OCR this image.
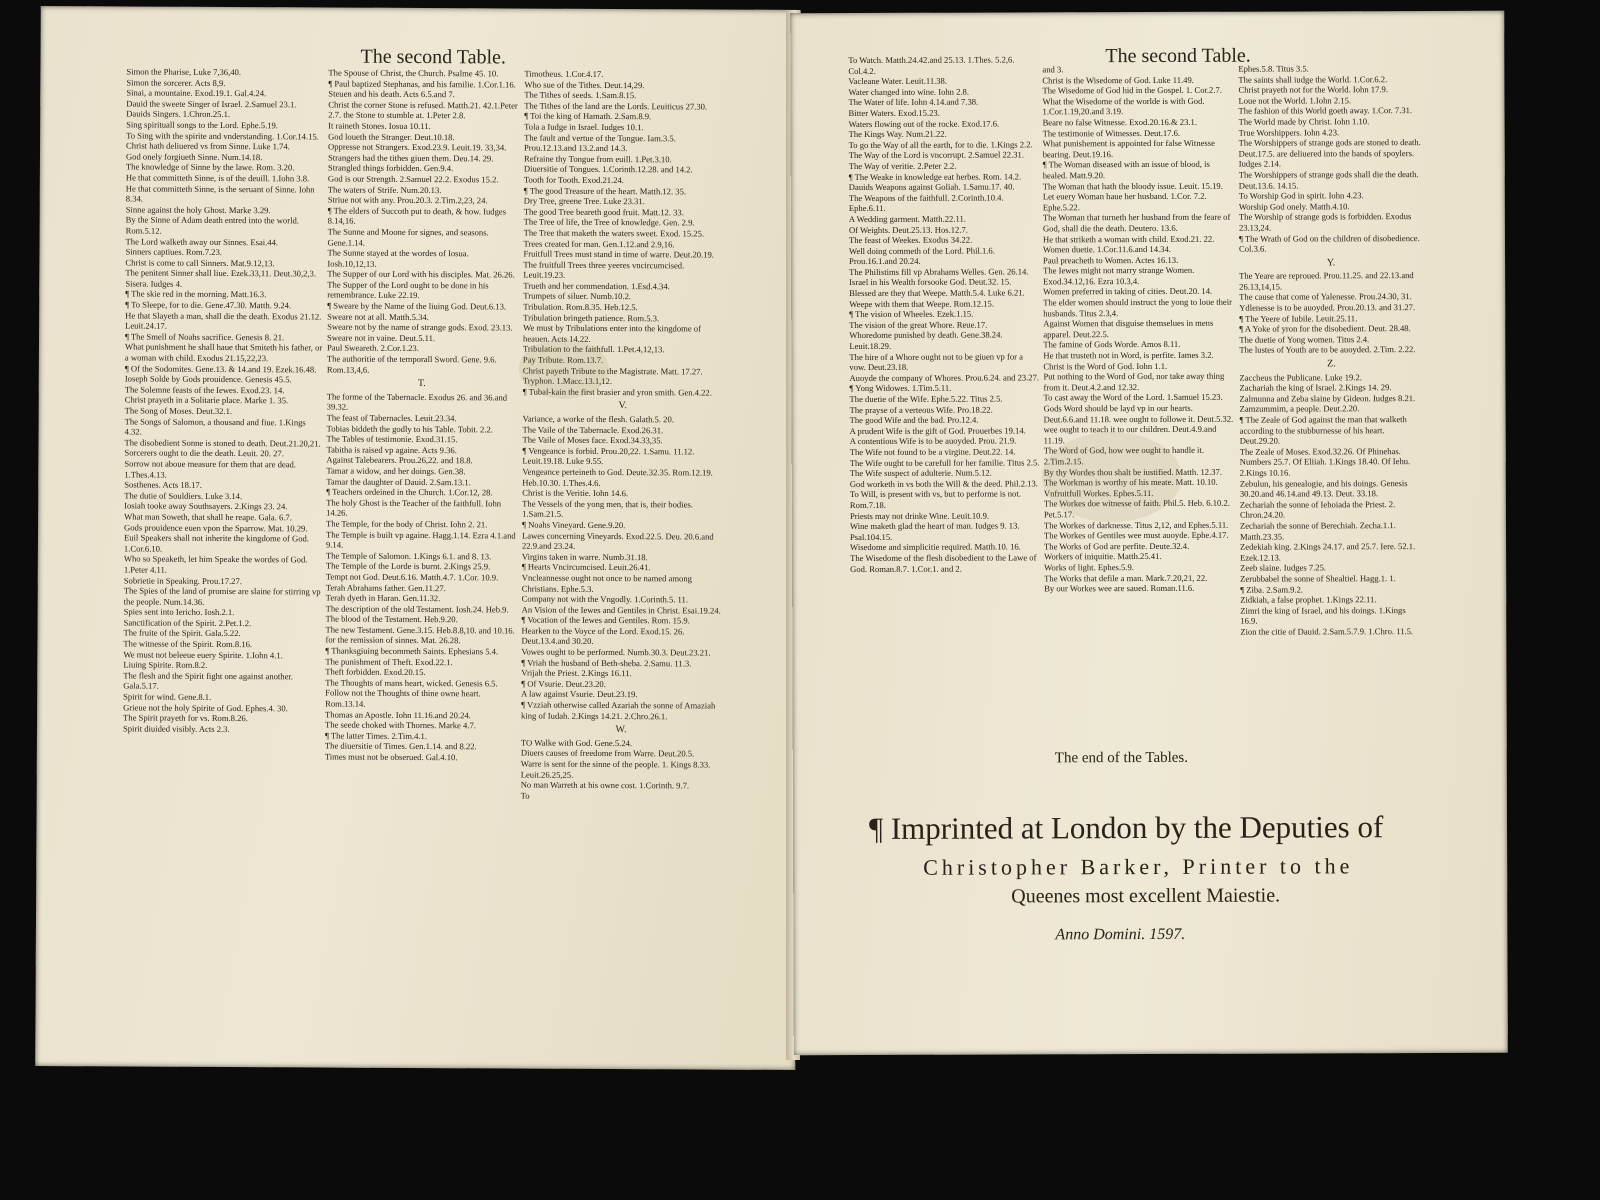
The second Table.
Simon the Pharise, Luke 7,36,40.
Simon the sorcerer. Acts 8,9.
Sinai, a mountaine. Exod.19.1. Gal.4.24.
Dauid the sweete Singer of Israel. 2.Samuel 23.1.
Dauids Singers. 1.Chron.25.1.
Sing spirituall songs to the Lord. Ephe.5.19.
To Sing with the spirite and vnderstanding. 1.Cor.14.15.
Christ hath deliuered vs from Sinne. Luke 1.74.
God onely forgiueth Sinne. Num.14.18.
The knowledge of Sinne by the lawe. Rom. 3.20.
He that committeth Sinne, is of the deuill. 1.Iohn 3.8.
He that committeth Sinne, is the seruant of Sinne. Iohn 8.34.
Sinne against the holy Ghost. Marke 3.29.
By the Sinne of Adam death entred into the world. Rom.5.12.
The Lord walketh away our Sinnes. Esai.44.
Sinners captiues. Rom.7.23.
Christ is come to call Sinners. Mat.9.12,13.
The penitent Sinner shall liue. Ezek.33,11. Deut.30,2,3.
Sisera. Iudges 4.
¶ The skie red in the morning. Matt.16.3.
¶ To Sleepe, for to die. Gene.47.30. Matth. 9.24.
He that Slayeth a man, shall die the death. Exodus 21.12. Leuit.24.17.
¶ The Smell of Noahs sacrifice. Genesis 8. 21.
What punishment he shall haue that Smiteth his father, or a woman with child. Exodus 21.15,22,23.
¶ Of the Sodomites. Gene.13. & 14.and 19. Ezek.16.48.
Ioseph Solde by Gods prouidence. Genesis 45.5.
The Solemne feasts of the Iewes. Exod.23. 14.
Christ prayeth in a Solitarie place. Marke 1. 35.
The Song of Moses. Deut.32.1.
The Songs of Salomon, a thousand and fiue. 1.Kings 4.32.
The disobedient Sonne is stoned to death. Deut.21.20,21.
Sorcerers ought to die the death. Leuit. 20. 27.
Sorrow not aboue measure for them that are dead. 1.Thes.4.13.
Sosthenes. Acts 18.17.
The dutie of Souldiers. Luke 3.14.
Iosiah tooke away Southsayers. 2.Kings 23. 24.
What man Soweth, that shall he reape. Gala. 6.7.
Gods prouidence euen vpon the Sparrow. Mat. 10.29.
Euil Speakers shall not inherite the kingdome of God. 1.Cor.6.10.
Who so Speaketh, let him Speake the wordes of God. 1.Peter 4.11.
Sobrietie in Speaking. Prou.17.27.
The Spies of the land of promise are slaine for stirring vp the people. Num.14.36.
Spies sent into Iericho. Iosh.2.1.
Sanctification of the Spirit. 2.Pet.1.2.
The fruite of the Spirit. Gala.5.22.
The witnesse of the Spirit. Rom.8.16.
We must not beleeue euery Spirite. 1.Iohn 4.1.
Liuing Spirite. Rom.8.2.
The flesh and the Spirit fight one against another. Gala.5.17.
Spirit for wind. Gene.8.1.
Grieue not the holy Spirite of God. Ephes.4. 30.
The Spirit prayeth for vs. Rom.8.26.
Spirit diuided visibly. Acts 2.3.
The Spouse of Christ, the Church. Psalme 45. 10.
¶ Paul baptized Stephanas, and his familie. 1.Cor.1.16.
Steuen and his death. Acts 6.5.and 7.
Christ the corner Stone is refused. Matth.21. 42.1.Peter 2.7. the Stone to stumble at. 1.Peter 2.8.
It raineth Stones. Iosua 10.11.
God loueth the Stranger. Deut.10.18.
Oppresse not Strangers. Exod.23.9. Leuit.19. 33,34.
Strangers had the tithes giuen them. Deu.14. 29.
Strangled things forbidden. Gen.9.4.
God is our Strength. 2.Samuel 22.2. Exodus 15.2.
The waters of Strife. Num.20.13.
Striue not with any. Prou.20.3. 2.Tim.2,23, 24.
¶ The elders of Succoth put to death, & how. Iudges 8.14,16.
The Sunne and Moone for signes, and seasons. Gene.1.14.
The Sunne stayed at the wordes of Iosua. Iosh.10,12,13.
The Supper of our Lord with his disciples. Mat. 26.26.
The Supper of the Lord ought to be done in his remembrance. Luke 22.19.
¶ Sweare by the Name of the liuing God. Deut.6.13.
Sweare not at all. Matth.5.34.
Sweare not by the name of strange gods. Exod. 23.13.
Sweare not in vaine. Deut.5.11.
Paul Sweareth. 2.Cor.1.23.
The authoritie of the temporall Sword. Gene. 9.6. Rom.13,4,6.
T.
The forme of the Tabernacle. Exodus 26. and 36.and 39.32.
The feast of Tabernacles. Leuit.23.34.
Tobias biddeth the godly to his Table. Tobit. 2.2.
The Tables of testimonie. Exod.31.15.
Tabitha is raised vp againe. Acts 9.36.
Against Talebearers. Prou.26,22. and 18.8.
Tamar a widow, and her doings. Gen.38.
Tamar the daughter of Dauid. 2.Sam.13.1.
¶ Teachers ordeined in the Church. 1.Cor.12, 28.
The holy Ghost is the Teacher of the faithfull. Iohn 14.26.
The Temple, for the body of Christ. Iohn 2. 21.
The Temple is built vp againe. Hagg.1.14. Ezra 4.1.and 9.14.
The Temple of Salomon. 1.Kings 6.1. and 8. 13.
The Temple of the Lorde is burnt. 2.Kings 25.9.
Tempt not God. Deut.6.16. Matth.4.7. 1.Cor. 10.9.
Terah Abrahams father. Gen.11.27.
Terah dyeth in Haran. Gen.11.32.
The description of the old Testament. Iosh.24. Heb.9.
The blood of the Testament. Heb.9.20.
The new Testament. Gene.3.15. Heb.8.8,10. and 10.16. for the remission of sinnes. Mat. 26.28.
¶ Thanksgiuing becommeth Saints. Ephesians 5.4.
The punishment of Theft. Exod.22.1.
Theft forbidden. Exod.20.15.
The Thoughts of mans heart, wicked. Genesis 6.5.
Follow not the Thoughts of thine owne heart. Rom.13.14.
Thomas an Apostle. Iohn 11.16.and 20.24.
The seede choked with Thornes. Marke 4.7.
¶ The latter Times. 2.Tim.4.1.
The diuersitie of Times. Gen.1.14. and 8.22.
Times must not be obserued. Gal.4.10.
Timotheus. 1.Cor.4.17.
Who sue of the Tithes. Deut.14,29.
The Tithes of seeds. 1.Sam.8.15.
The Tithes of the land are the Lords. Leuiticus 27.30.
¶ Toi the king of Hamath. 2.Sam.8.9.
Tola a Iudge in Israel. Iudges 10.1.
The fault and vertue of the Tongue. Iam.3.5. Prou.12.13.and 13.2.and 14.3.
Refraine thy Tongue from euill. 1.Pet.3.10.
Diuersitie of Tongues. 1.Corinth.12.28. and 14.2.
Tooth for Tooth. Exod.21.24.
¶ The good Treasure of the heart. Matth.12. 35.
Dry Tree, greene Tree. Luke 23.31.
The good Tree beareth good fruit. Matt.12. 33.
The Tree of life, the Tree of knowledge. Gen. 2.9.
The Tree that maketh the waters sweet. Exod. 15.25.
Trees created for man. Gen.1.12.and 2.9,16.
Fruitfull Trees must stand in time of warre. Deut.20.19.
The fruitfull Trees three yeeres vncircumcised. Leuit.19.23.
Trueth and her commendation. 1.Esd.4.34.
Trumpets of siluer. Numb.10.2.
Tribulation. Rom.8.35. Heb.12.5.
Tribulation bringeth patience. Rom.5.3.
We must by Tribulations enter into the kingdome of heauen. Acts 14.22.
Tribulation to the faithfull. 1.Pet.4,12,13.
Pay Tribute. Rom.13.7.
Christ payeth Tribute to the Magistrate. Matt. 17.27.
Tryphon. 1.Macc.13.1,12.
¶ Tubal-kain the first brasier and yron smith. Gen.4.22.
V.
Variance, a worke of the flesh. Galath.5. 20.
The Vaile of the Tabernacle. Exod.26.31.
The Vaile of Moses face. Exod.34.33,35.
¶ Vengeance is forbid. Prou.20,22. 1.Samu. 11.12. Leuit.19.18. Luke 9.55.
Vengeance perteineth to God. Deute.32.35. Rom.12.19. Heb.10.30. 1.Thes.4.6.
Christ is the Veritie. Iohn 14.6.
The Vessels of the yong men, that is, their bodies. 1.Sam.21.5.
¶ Noahs Vineyard. Gene.9.20.
Lawes concerning Vineyards. Exod.22.5. Deu. 20.6.and 22.9.and 23.24.
Virgins taken in warre. Numb.31.18.
¶ Hearts Vncircumcised. Leuit.26.41.
Vncleannesse ought not once to be named among Christians. Ephe.5.3.
Company not with the Vngodly. 1.Corinth.5. 11.
An Vision of the Iewes and Gentiles in Christ. Esai.19.24.
¶ Vocation of the Iewes and Gentiles. Rom. 15.9.
Hearken to the Voyce of the Lord. Exod.15. 26. Deut.13.4.and 30.20.
Vowes ought to be performed. Numb.30.3. Deut.23.21.
¶ Vriah the husband of Beth-sheba. 2.Samu. 11.3.
Vrijah the Priest. 2.Kings 16.11.
¶ Of Vsurie. Deut.23.20.
A law against Vsurie. Deut.23.19.
¶ Vzziah otherwise called Azariah the sonne of Amaziah king of Iudah. 2.Kings 14.21. 2.Chro.26.1.
W.
TO Walke with God. Gene.5.24.
Diuers causes of freedome from Warre. Deut.20.5.
Warre is sent for the sinne of the people. 1. Kings 8.33. Leuit.26.25,25.
No man Warreth at his owne cost. 1.Corinth. 9.7.
To
The second Table.
To Watch. Matth.24.42.and 25.13. 1.Thes. 5.2,6. Col.4.2.
Vacleane Water. Leuit.11.38.
Water changed into wine. Iohn 2.8.
The Water of life. Iohn 4.14.and 7.38.
Bitter Waters. Exod.15.23.
Waters flowing out of the rocke. Exod.17.6.
The Kings Way. Num.21.22.
To go the Way of all the earth, for to die. 1.Kings 2.2.
The Way of the Lord is vncorrupt. 2.Samuel 22.31.
The Way of veritie. 2.Peter 2.2.
¶ The Weake in knowledge eat herbes. Rom. 14.2.
Dauids Weapons against Goliah. 1.Samu.17. 40.
The Weapons of the faithfull. 2.Corinth.10.4. Ephe.6.11.
A Wedding garment. Matth.22.11.
Of Weights. Deut.25.13. Hos.12.7.
The feast of Weekes. Exodus 34.22.
Well doing commeth of the Lord. Phil.1.6. Prou.16.1.and 20.24.
The Philistims fill vp Abrahams Welles. Gen. 26.14.
Israel in his Wealth forsooke God. Deut.32. 15.
Blessed are they that Weepe. Matth.5.4. Luke 6.21.
Weepe with them that Weepe. Rom.12.15.
¶ The vision of Wheeles. Ezek.1.15.
The vision of the great Whore. Reue.17.
Whoredome punished by death. Gene.38.24. Leuit.18.29.
The hire of a Whore ought not to be giuen vp for a vow. Deut.23.18.
Auoyde the company of Whores. Prou.6.24. and 23.27.
¶ Yong Widowes. 1.Tim.5.11.
The duetie of the Wife. Ephe.5.22. Titus 2.5.
The prayse of a verteous Wife. Pro.18.22.
The good Wife and the bad. Pro.12.4.
A prudent Wife is the gift of God. Prouerbes 19.14.
A contentious Wife is to be auoyded. Prou. 21.9.
The Wife not found to be a virgine. Deut.22. 14.
The Wife ought to be carefull for her familie. Titus 2.5.
The Wife suspect of adulterie. Num.5.12.
God worketh in vs both the Will & the deed. Phil.2.13.
To Will, is present with vs, but to performe is not. Rom.7.18.
Priests may not drinke Wine. Leuit.10.9.
Wine maketh glad the heart of man. Iudges 9. 13. Psal.104.15.
Wisedome and simplicitie required. Matth.10. 16.
The Wisedome of the flesh disobedient to the Lawe of God. Roman.8.7. 1.Cor.1. and 2.
and 3.
Christ is the Wisedome of God. Luke 11.49.
The Wisedome of God hid in the Gospel. 1. Cor.2.7.
What the Wisedome of the worlde is with God. 1.Cor.1.19,20.and 3.19.
Beare no false Witnesse. Exod.20.16.& 23.1.
The testimonie of Witnesses. Deut.17.6.
What punishement is appointed for false Witnesse bearing. Deut.19.16.
¶ The Woman diseased with an issue of blood, is healed. Matt.9.20.
The Woman that hath the bloody issue. Leuit. 15.19.
Let euery Woman haue her husband. 1.Cor. 7.2. Ephe.5.22.
The Woman that turneth her husband from the feare of God, shall die the death. Deutero. 13.6.
He that striketh a woman with child. Exod.21. 22.
Women duetie. 1.Cor.11.6.and 14.34.
Paul preacheth to Women. Actes 16.13.
The Iewes might not marry strange Women. Exod.34.12,16. Ezra 10.3,4.
Women preferred in taking of cities. Deut.20. 14.
The elder women should instruct the yong to loue their husbands. Titus 2.3,4.
Against Women that disguise themselues in mens apparel. Deut.22.5.
The famine of Gods Worde. Amos 8.11.
He that trusteth not in Word, is perfite. Iames 3.2.
Christ is the Word of God. Iohn 1.1.
Put nothing to the Word of God, nor take away thing from it. Deut.4.2.and 12.32.
To cast away the Word of the Lord. 1.Samuel 15.23.
Gods Word should be layd vp in our hearts. Deut.6.6.and 11.18. wee ought to followe it. Deut.5.32. wee ought to teach it to our children. Deut.4.9.and 11.19.
The Word of God, how wee ought to handle it. 2.Tim.2.15.
By thy Wordes thou shalt be iustified. Matth. 12.37.
The Workman is worthy of his meate. Matt. 10.10.
Vnfruitfull Workes. Ephes.5.11.
The Workes doe witnesse of faith. Phil.5. Heb. 6.10.2. Pet.5.17.
The Workes of darknesse. Titus 2,12, and Ephes.5.11.
The Workes of Gentiles wee must auoyde. Ephe.4.17.
The Works of God are perfite. Deute.32.4.
Workers of iniquitie. Matth.25.41.
Works of light. Ephes.5.9.
The Works that defile a man. Mark.7.20,21, 22.
By our Workes wee are saued. Roman.11.6.
Ephes.5.8. Titus 3.5.
The saints shall iudge the World. 1.Cor.6.2.
Christ prayeth not for the World. Iohn 17.9.
Loue not the World. 1.Iohn 2.15.
The fashion of this World goeth away. 1.Cor. 7.31.
The World made by Christ. Iohn 1.10.
True Worshippers. Iohn 4.23.
The Worshippers of strange gods are stoned to death. Deut.17.5. are deliuered into the hands of spoylers. Iudges 2.14.
The Worshippers of strange gods shall die the death. Deut.13.6. 14.15.
To Worship God in spirit. Iohn 4.23.
Worship God onely. Matth.4.10.
The Worship of strange gods is forbidden. Exodus 23.13,24.
¶ The Wrath of God on the children of disobedience. Col.3.6.
Y.
The Yeare are reproued. Prou.11.25. and 22.13.and 26.13,14,15.
The cause that come of Yalenesse. Prou.24.30, 31.
Ydlenesse is to be auoyded. Prou.20.13. and 31.27.
¶ The Yeere of Iubile. Leuit.25.11.
¶ A Yoke of yron for the disobedient. Deut. 28.48.
The duetie of Yong women. Titus 2.4.
The lustes of Youth are to be auoyded. 2.Tim. 2.22.
Z.
Zaccheus the Publicane. Luke 19.2.
Zachariah the king of Israel. 2.Kings 14. 29.
Zalmunna and Zeba slaine by Gideon. Iudges 8.21.
Zamzummim, a people. Deut.2.20.
¶ The Zeale of God against the man that walketh according to the stubburnesse of his heart. Deut.29.20.
The Zeale of Moses. Exod.32.26. Of Phinehas. Numbers 25.7. Of Eliiah. 1.Kings 18.40. Of Iehu. 2.Kings 10.16.
Zebulun, his genealogie, and his doings. Genesis 30.20.and 46.14.and 49.13. Deut. 33.18.
Zechariah the sonne of Iehoiada the Priest. 2. Chron.24.20.
Zechariah the sonne of Berechiah. Zecha.1.1. Matth.23.35.
Zedekiah king. 2.Kings 24.17. and 25.7. Iere. 52.1. Ezek.12.13.
Zeeb slaine. Iudges 7.25.
Zerubbabel the sonne of Shealtiel. Hagg.1. 1.
¶ Ziba. 2.Sam.9.2.
Zidkiah, a false prophet. 1.Kings 22.11.
Zimri the king of Israel, and his doings. 1.Kings 16.9.
Zion the citie of Dauid. 2.Sam.5.7.9. 1.Chro. 11.5.
The end of the Tables.
¶ Imprinted at London by the Deputies of
Christopher Barker, Printer to the
Queenes most excellent Maiestie.
Anno Domini. 1597.
